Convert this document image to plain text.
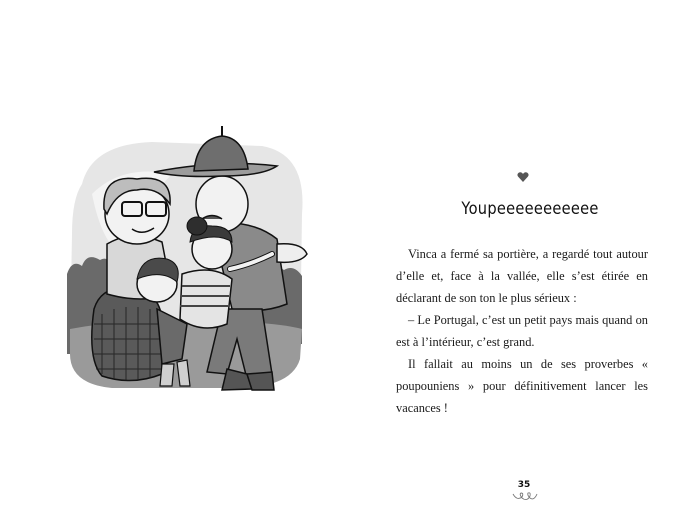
Youpeeeeeeeeeee

Vinca a fermé sa portière, a regardé tout autour d’elle et, face à la vallée, elle s’est étirée en déclarant de son ton le plus sérieux :

– Le Portugal, c’est un petit pays mais quand on est à l’intérieur, c’est grand.

Il fallait au moins un de ses proverbes « poupouniens » pour définitivement lancer les vacances !

35
